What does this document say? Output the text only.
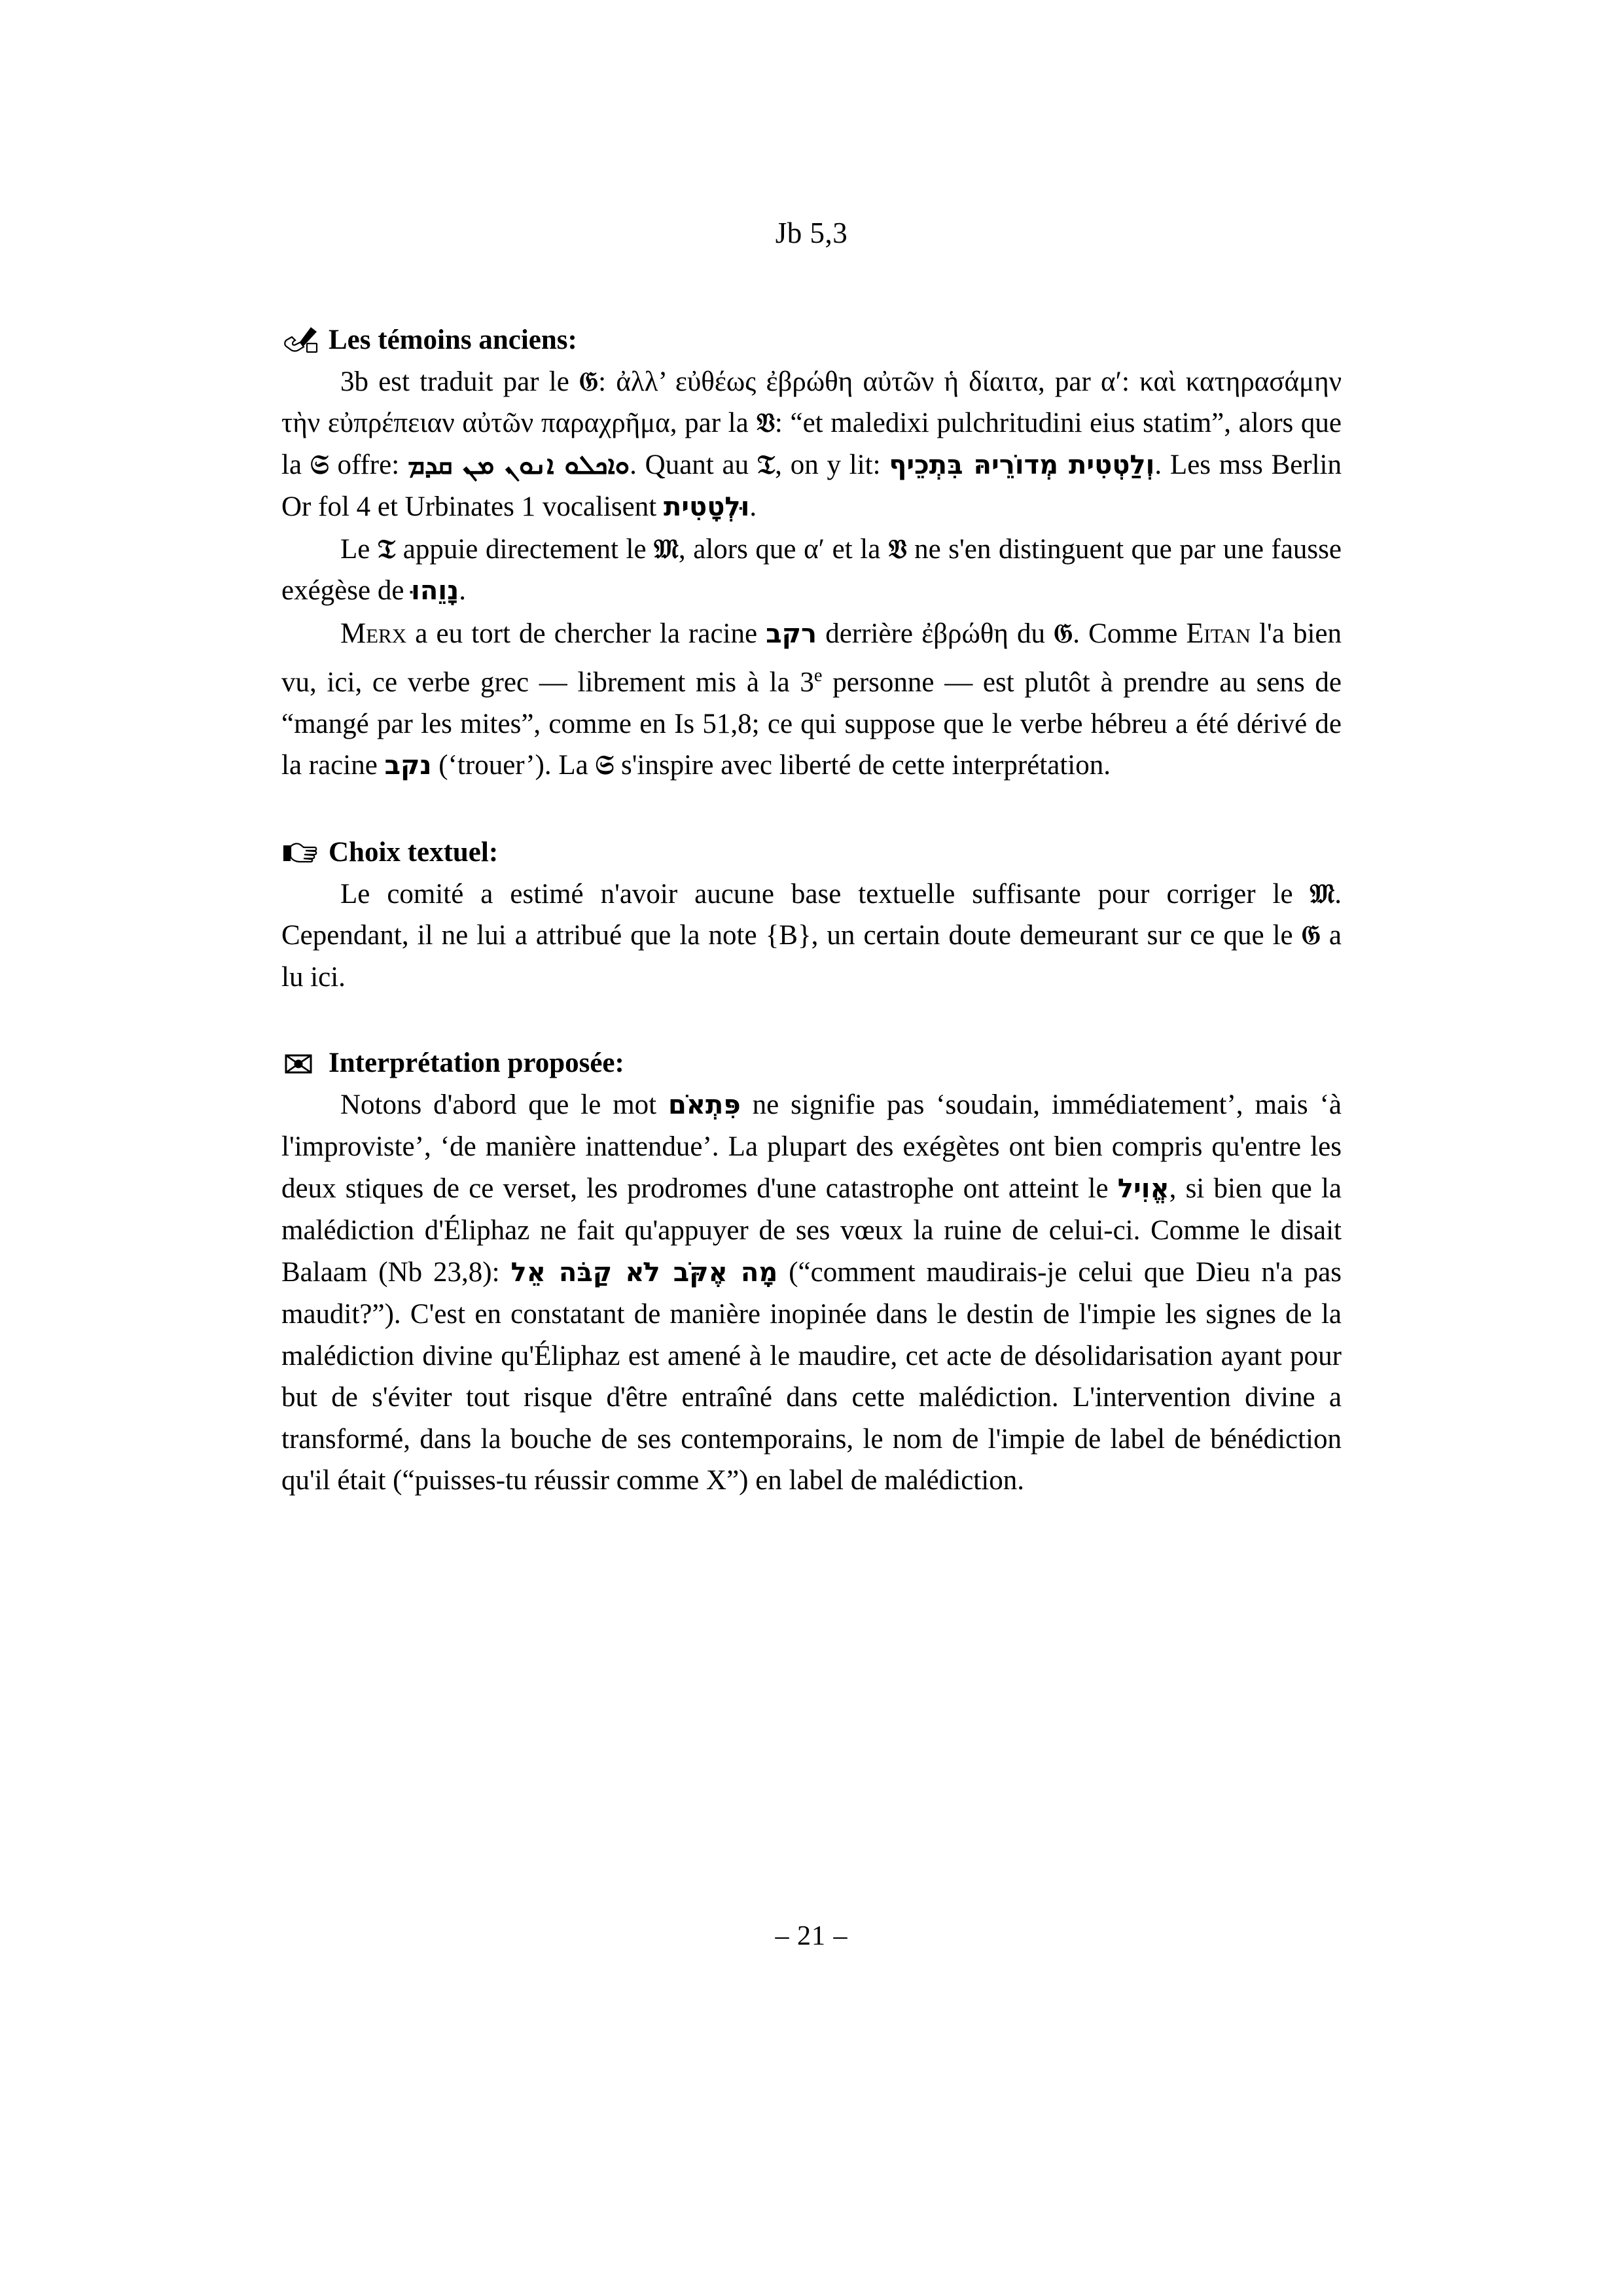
Jb 5,3
Les témoins anciens:

3b est traduit par le 𝔊: ἀλλ’ εὐθέως ἐβρώθη αὐτῶν ἡ δίαιτα, par α′: καὶ κατηρασάμην τὴν εὐπρέπειαν αὐτῶν παραχρῆμα, par la 𝔙: “et maledixi pulchritudini eius statim”, alors que la 𝔖 offre: ܘܐܟܠܘ ܐܢܘܢ ܡܢ ܩܕܡ. Quant au 𝔗, on y lit: וְלַטְטִית מְדוֹרֵיהּ בִּתְכֵיף. Les mss Berlin Or fol 4 et Urbinates 1 vocalisent וּלְטָטִית.

Le 𝔗 appuie directement le 𝔐, alors que α′ et la 𝔙 ne s'en distinguent que par une fausse exégèse de נָוֵהוּ.

Merx a eu tort de chercher la racine רקב derrière ἐβρώθη du 𝔊. Comme Eitan l'a bien vu, ici, ce verbe grec — librement mis à la 3e personne — est plutôt à prendre au sens de “mangé par les mites”, comme en Is 51,8; ce qui suppose que le verbe hébreu a été dérivé de la racine נקב (‘trouer’). La 𝔖 s'inspire avec liberté de cette interprétation.

Choix textuel:

Le comité a estimé n'avoir aucune base textuelle suffisante pour corriger le 𝔐. Cependant, il ne lui a attribué que la note {B}, un certain doute demeurant sur ce que le 𝔊 a lu ici.

Interprétation proposée:

Notons d'abord que le mot פִּתְאֹם ne signifie pas ‘soudain, immédiatement’, mais ‘à l'improviste’, ‘de manière inattendue’. La plupart des exégètes ont bien compris qu'entre les deux stiques de ce verset, les prodromes d'une catastrophe ont atteint le אֱוִיל, si bien que la malédiction d'Éliphaz ne fait qu'appuyer de ses vœux la ruine de celui-ci. Comme le disait Balaam (Nb 23,8): מָה אֶקֹּב לֹא קַבֹּה אֵל (“comment maudirais-je celui que Dieu n'a pas maudit?”). C'est en constatant de manière inopinée dans le destin de l'impie les signes de la malédiction divine qu'Éliphaz est amené à le maudire, cet acte de désolidarisation ayant pour but de s'éviter tout risque d'être entraîné dans cette malédiction. L'intervention divine a transformé, dans la bouche de ses contemporains, le nom de l'impie de label de bénédiction qu'il était (“puisses-tu réussir comme X”) en label de malédiction.

– 21 –
